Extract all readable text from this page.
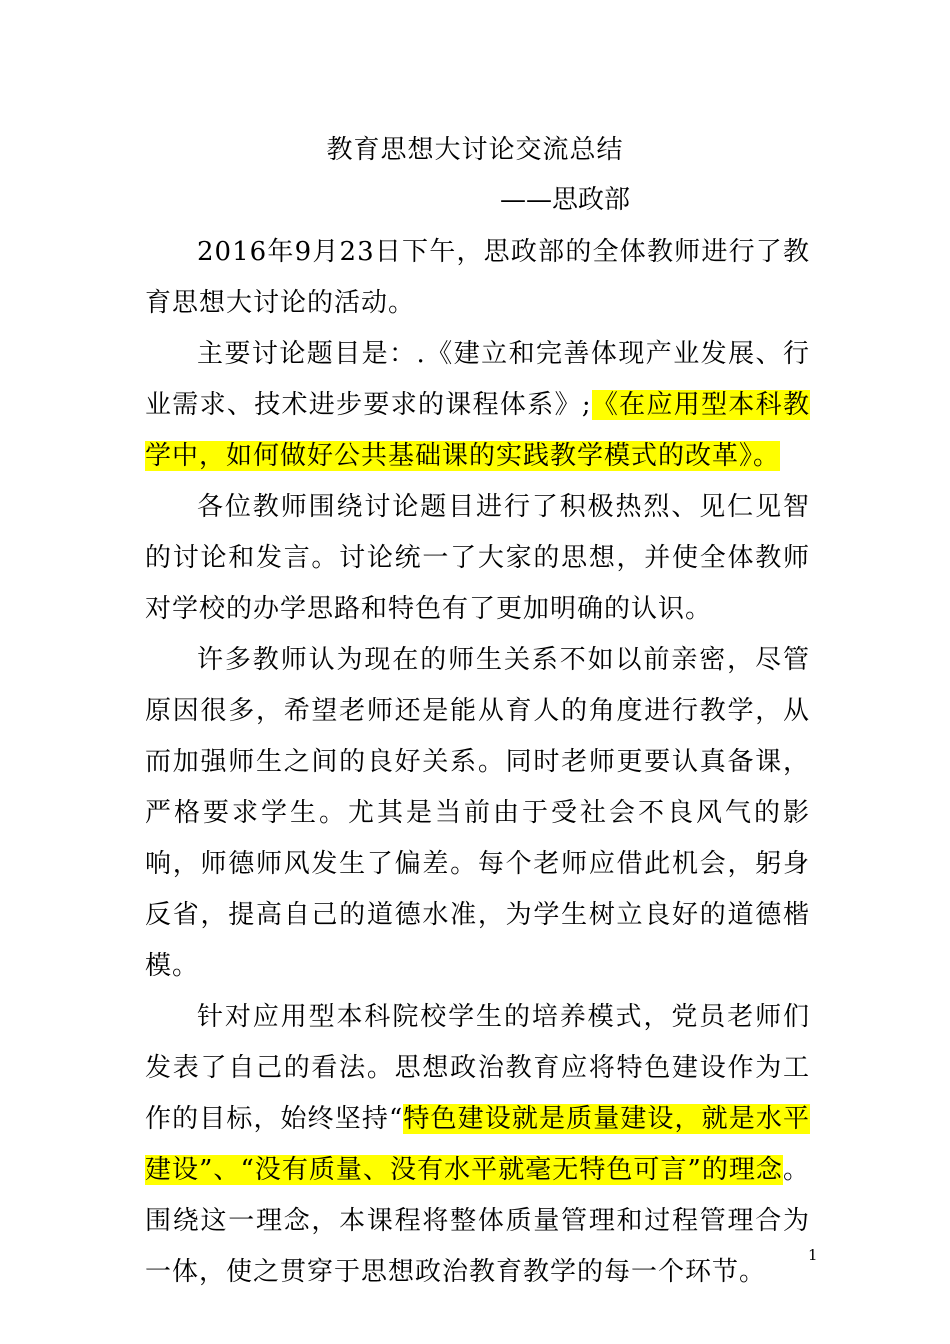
教育思想大讨论交流总结
——思政部

2016年9月23日下午，思政部的全体教师进行了教育思想大讨论的活动。

主要讨论题目是：.《建立和完善体现产业发展、行业需求、技术进步要求的课程体系》;《在应用型本科教学中，如何做好公共基础课的实践教学模式的改革》。

各位教师围绕讨论题目进行了积极热烈、见仁见智的讨论和发言。讨论统一了大家的思想，并使全体教师对学校的办学思路和特色有了更加明确的认识。

许多教师认为现在的师生关系不如以前亲密，尽管原因很多，希望老师还是能从育人的角度进行教学，从而加强师生之间的良好关系。同时老师更要认真备课，严格要求学生。尤其是当前由于受社会不良风气的影响，师德师风发生了偏差。每个老师应借此机会，躬身反省，提高自己的道德水准，为学生树立良好的道德楷模。

针对应用型本科院校学生的培养模式，党员老师们发表了自己的看法。思想政治教育应将特色建设作为工作的目标，始终坚持“特色建设就是质量建设，就是水平建设”、“没有质量、没有水平就毫无特色可言”的理念。围绕这一理念，本课程将整体质量管理和过程管理合为一体，使之贯穿于思想政治教育教学的每一个环节。

1
